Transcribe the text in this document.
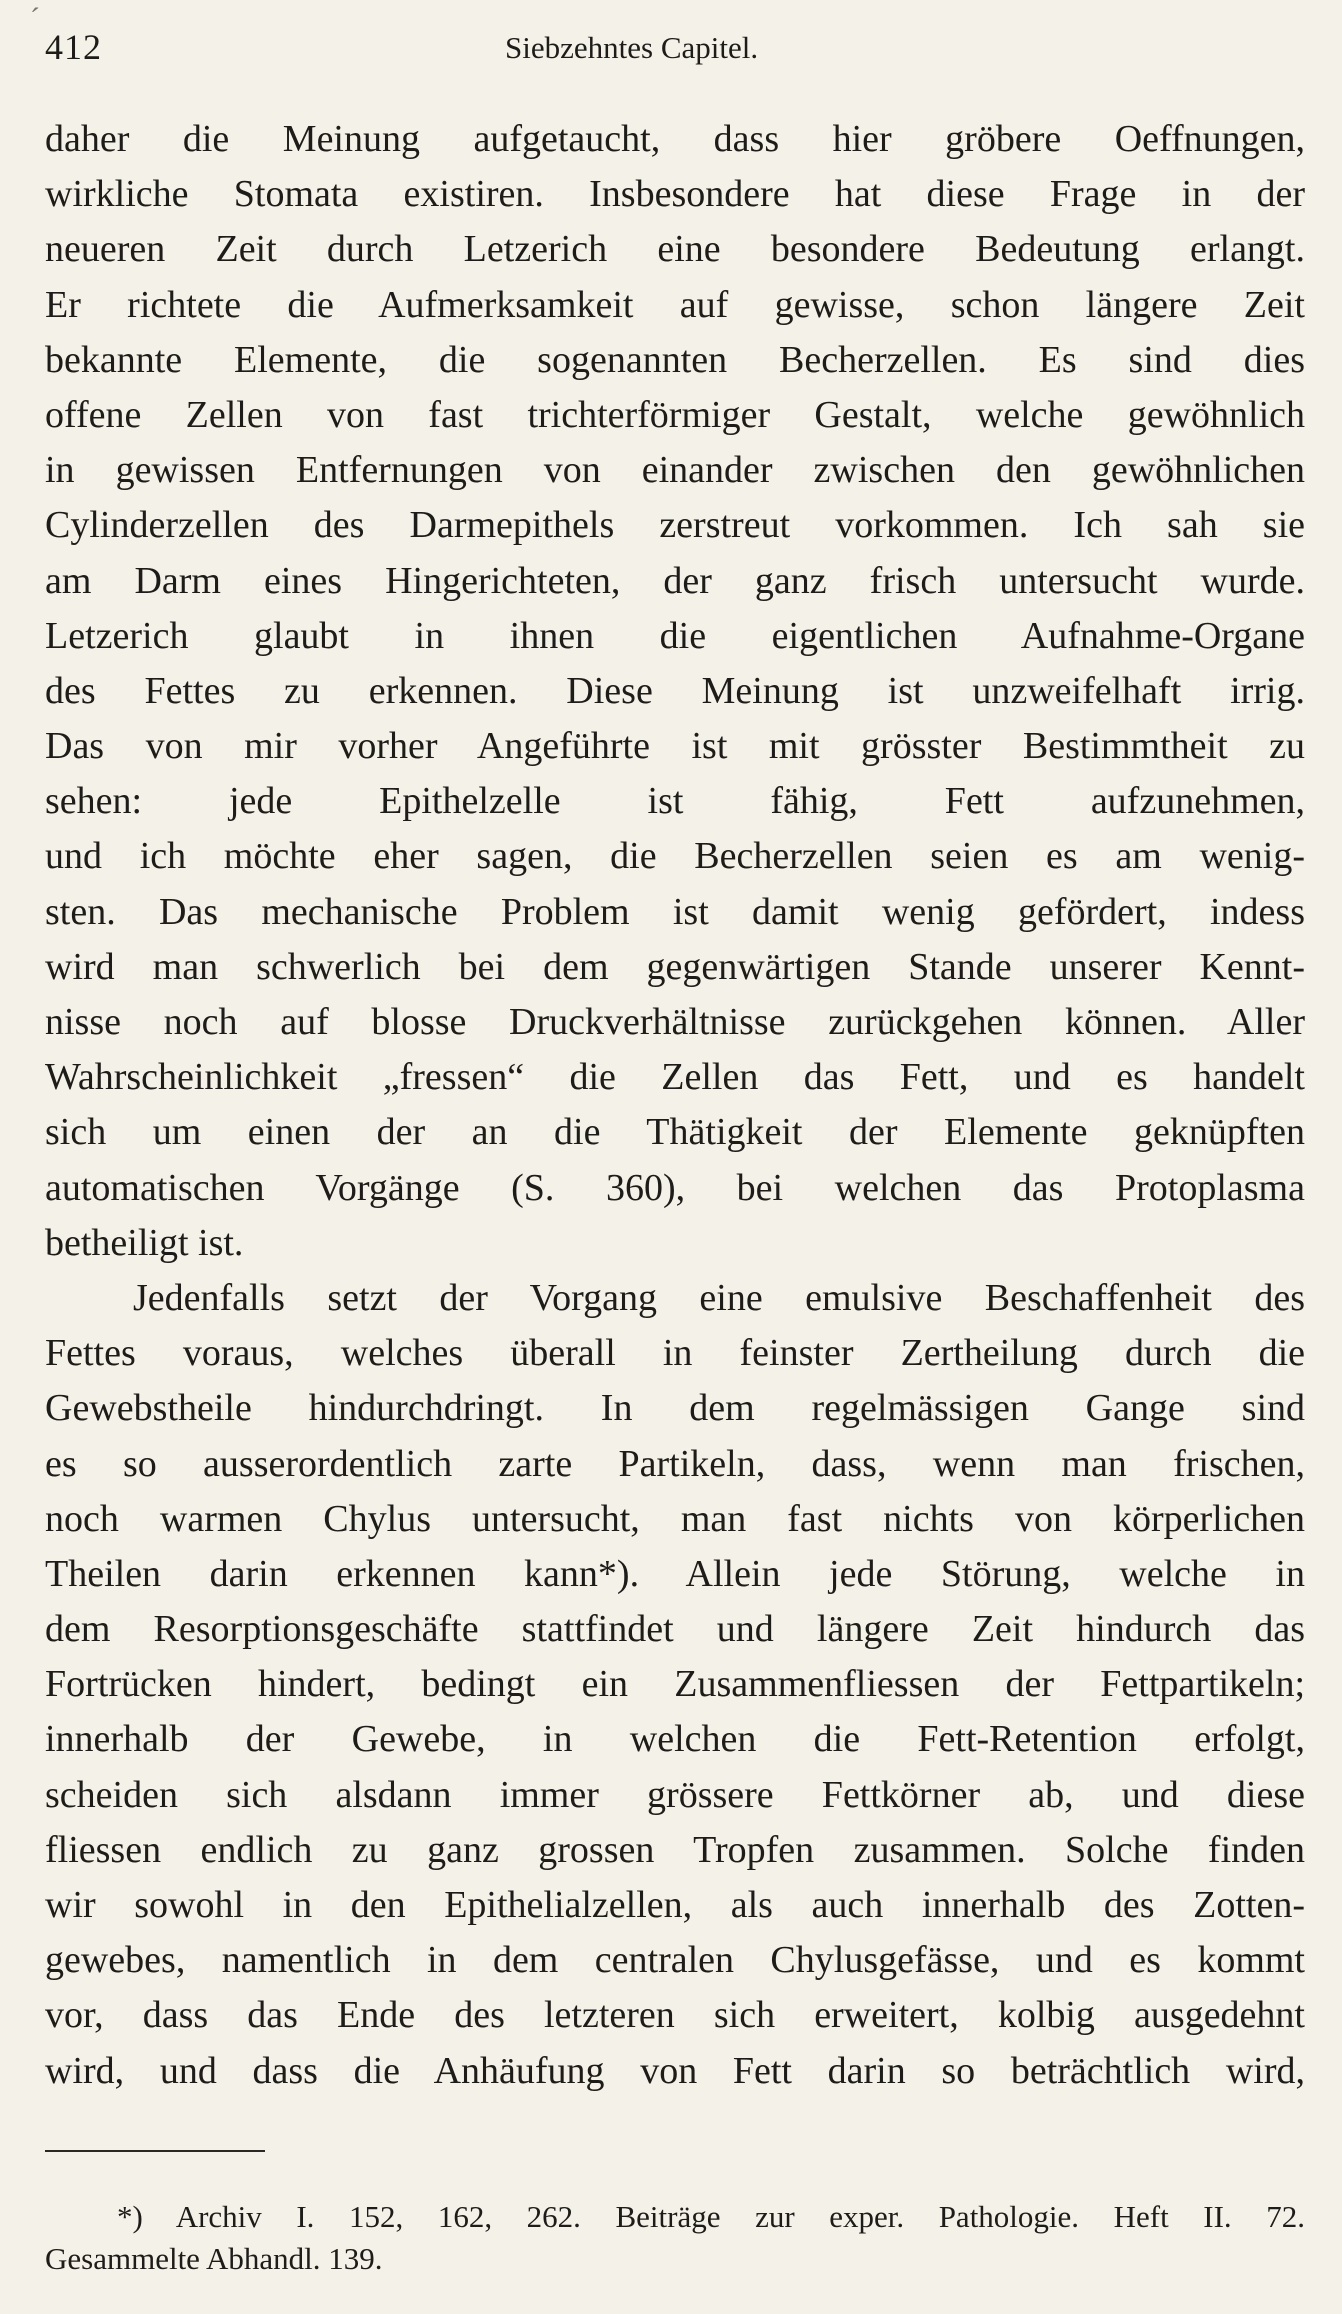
ˊ
412	Siebzehntes Capitel.
daher die Meinung aufgetaucht, dass hier gröbere Oeffnungen,
wirkliche Stomata existiren. Insbesondere hat diese Frage in der
neueren Zeit durch Letzerich eine besondere Bedeutung erlangt.
Er richtete die Aufmerksamkeit auf gewisse, schon längere Zeit
bekannte Elemente, die sogenannten Becherzellen. Es sind dies
offene Zellen von fast trichterförmiger Gestalt, welche gewöhnlich
in gewissen Entfernungen von einander zwischen den gewöhnlichen
Cylinderzellen des Darmepithels zerstreut vorkommen. Ich sah sie
am Darm eines Hingerichteten, der ganz frisch untersucht wurde.
Letzerich glaubt in ihnen die eigentlichen Aufnahme-Organe
des Fettes zu erkennen. Diese Meinung ist unzweifelhaft irrig.
Das von mir vorher Angeführte ist mit grösster Bestimmtheit zu
sehen: jede Epithelzelle ist fähig, Fett aufzunehmen,
und ich möchte eher sagen, die Becherzellen seien es am wenig-
sten. Das mechanische Problem ist damit wenig gefördert, indess
wird man schwerlich bei dem gegenwärtigen Stande unserer Kennt-
nisse noch auf blosse Druckverhältnisse zurückgehen können. Aller
Wahrscheinlichkeit „fressen“ die Zellen das Fett, und es handelt
sich um einen der an die Thätigkeit der Elemente geknüpften
automatischen Vorgänge (S. 360), bei welchen das Protoplasma
betheiligt ist.
Jedenfalls setzt der Vorgang eine emulsive Beschaffenheit des
Fettes voraus, welches überall in feinster Zertheilung durch die
Gewebstheile hindurchdringt. In dem regelmässigen Gange sind
es so ausserordentlich zarte Partikeln, dass, wenn man frischen,
noch warmen Chylus untersucht, man fast nichts von körperlichen
Theilen darin erkennen kann*). Allein jede Störung, welche in
dem Resorptionsgeschäfte stattfindet und längere Zeit hindurch das
Fortrücken hindert, bedingt ein Zusammenfliessen der Fettpartikeln;
innerhalb der Gewebe, in welchen die Fett-Retention erfolgt,
scheiden sich alsdann immer grössere Fettkörner ab, und diese
fliessen endlich zu ganz grossen Tropfen zusammen. Solche finden
wir sowohl in den Epithelialzellen, als auch innerhalb des Zotten-
gewebes, namentlich in dem centralen Chylusgefässe, und es kommt
vor, dass das Ende des letzteren sich erweitert, kolbig ausgedehnt
wird, und dass die Anhäufung von Fett darin so beträchtlich wird,
*) Archiv I. 152, 162, 262. Beiträge zur exper. Pathologie. Heft II. 72.
Gesammelte Abhandl. 139.
